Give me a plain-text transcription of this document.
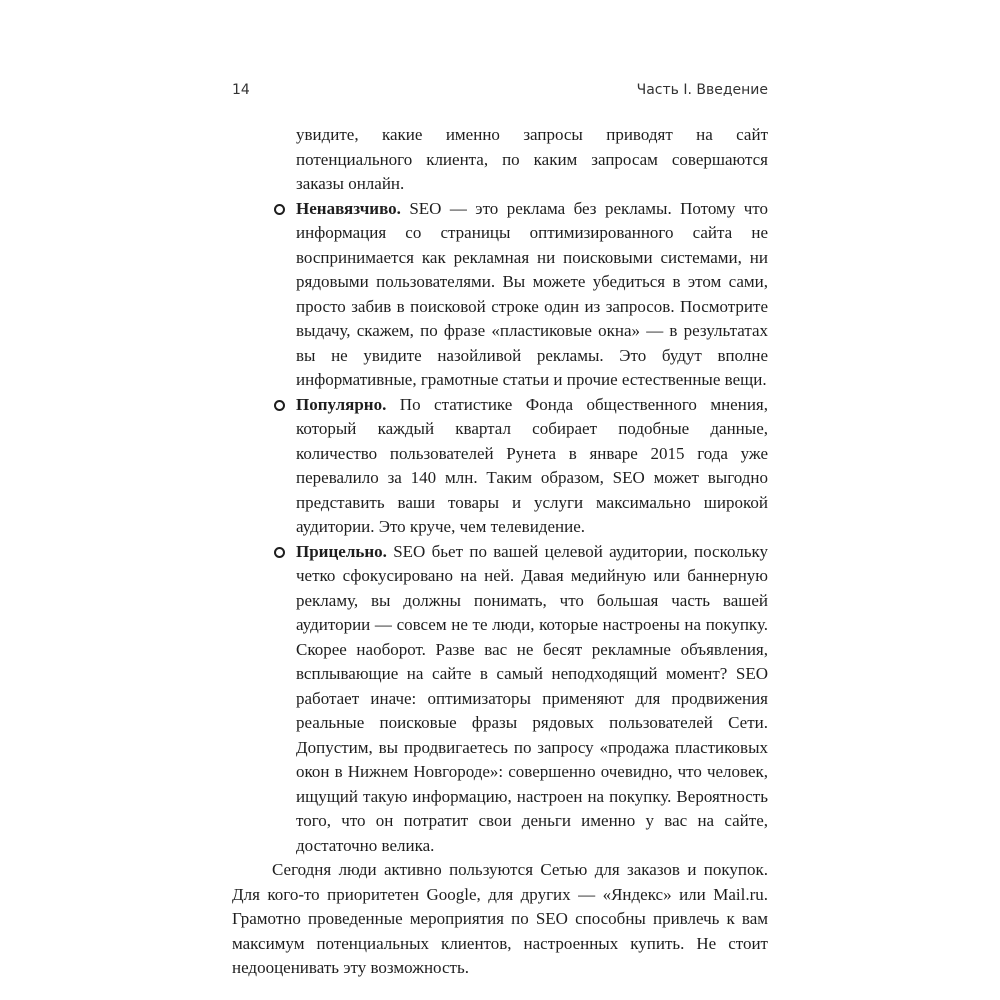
14	Часть I. Введение

увидите, какие именно запросы приводят на сайт потенциального клиента, по каким запросам совершаются заказы онлайн.

Ненавязчиво. SEO — это реклама без рекламы. Потому что информация со страницы оптимизированного сайта не воспринимается как рекламная ни поисковыми системами, ни рядовыми пользователями. Вы можете убедиться в этом сами, просто забив в поисковой строке один из запросов. Посмотрите выдачу, скажем, по фразе «пластиковые окна» — в результатах вы не увидите назойливой рекламы. Это будут вполне информативные, грамотные статьи и прочие естественные вещи.
Популярно. По статистике Фонда общественного мнения, который каждый квартал собирает подобные данные, количество пользователей Рунета в январе 2015 года уже перевалило за 140 млн. Таким образом, SEO может выгодно представить ваши товары и услуги максимально широкой аудитории. Это круче, чем телевидение.
Прицельно. SEO бьет по вашей целевой аудитории, поскольку четко сфокусировано на ней. Давая медийную или баннерную рекламу, вы должны понимать, что большая часть вашей аудитории — совсем не те люди, которые настроены на покупку. Скорее наоборот. Разве вас не бесят рекламные объявления, всплывающие на сайте в самый неподходящий момент? SEO работает иначе: оптимизаторы применяют для продвижения реальные поисковые фразы рядовых пользователей Сети. Допустим, вы продвигаетесь по запросу «продажа пластиковых окон в Нижнем Новгороде»: совершенно очевидно, что человек, ищущий такую информацию, настроен на покупку. Вероятность того, что он потратит свои деньги именно у вас на сайте, достаточно велика.

Сегодня люди активно пользуются Сетью для заказов и покупок. Для кого-то приоритетен Google, для других — «Яндекс» или Mail.ru. Грамотно проведенные мероприятия по SEO способны привлечь к вам максимум потенциальных клиентов, настроенных купить. Не стоит недооценивать эту возможность.
